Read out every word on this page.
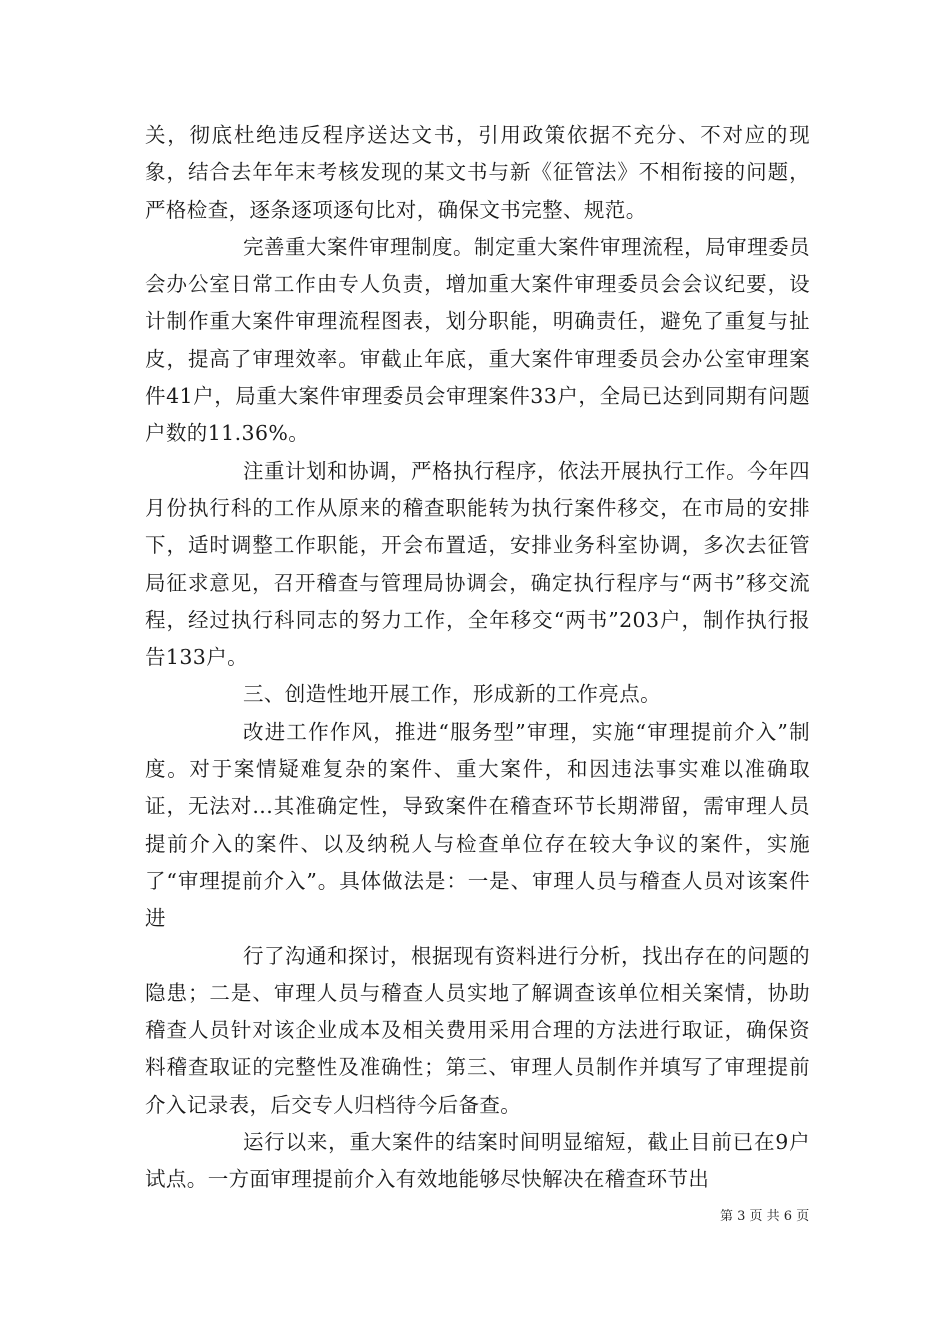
关，彻底杜绝违反程序送达文书，引用政策依据不充分、不对应的现象，结合去年年末考核发现的某文书与新《征管法》不相衔接的问题，严格检查，逐条逐项逐句比对，确保文书完整、规范。

完善重大案件审理制度。制定重大案件审理流程，局审理委员会办公室日常工作由专人负责，增加重大案件审理委员会会议纪要，设计制作重大案件审理流程图表，划分职能，明确责任，避免了重复与扯皮，提高了审理效率。审截止年底，重大案件审理委员会办公室审理案件41户，局重大案件审理委员会审理案件33户，全局已达到同期有问题户数的11.36%。

注重计划和协调，严格执行程序，依法开展执行工作。今年四月份执行科的工作从原来的稽查职能转为执行案件移交，在市局的安排下，适时调整工作职能，开会布置适，安排业务科室协调，多次去征管局征求意见，召开稽查与管理局协调会，确定执行程序与“两书”移交流程，经过执行科同志的努力工作，全年移交“两书”203户，制作执行报告133户。

三、创造性地开展工作，形成新的工作亮点。

改进工作作风，推进“服务型”审理，实施“审理提前介入”制度。对于案情疑难复杂的案件、重大案件，和因违法事实难以准确取证，无法对...其准确定性，导致案件在稽查环节长期滞留，需审理人员提前介入的案件、以及纳税人与检查单位存在较大争议的案件，实施了“审理提前介入”。具体做法是：一是、审理人员与稽查人员对该案件进

行了沟通和探讨，根据现有资料进行分析，找出存在的问题的隐患；二是、审理人员与稽查人员实地了解调查该单位相关案情，协助稽查人员针对该企业成本及相关费用采用合理的方法进行取证，确保资料稽查取证的完整性及准确性；第三、审理人员制作并填写了审理提前介入记录表，后交专人归档待今后备查。

运行以来，重大案件的结案时间明显缩短，截止目前已在9户试点。一方面审理提前介入有效地能够尽快解决在稽查环节出

第 3 页 共 6 页
